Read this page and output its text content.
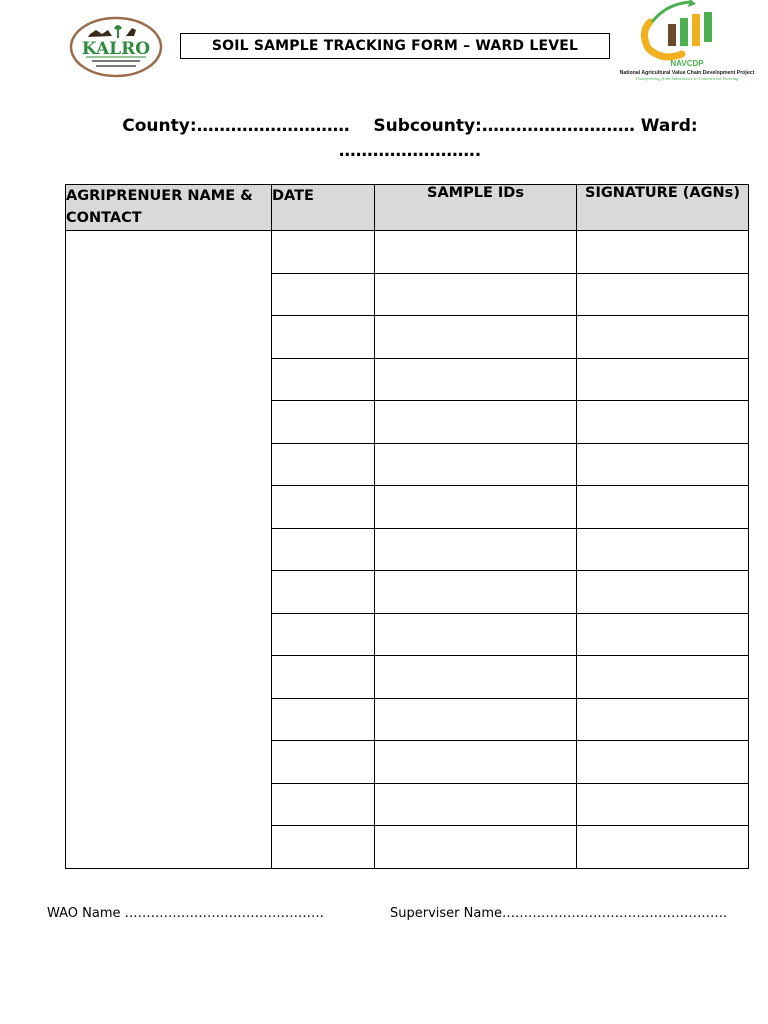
KALRO	SOIL SAMPLE TRACKING FORM – WARD LEVEL
NAVCDP
National Agricultural Value Chain Development Project
Transforming from Subsistence to Commercial Farming
County:……………………… Subcounty:……………………… Ward:
…………………….
AGRIPRENUER NAME & CONTACT	DATE	SAMPLE IDs	SIGNATURE (AGNs)

WAO Name ……………………………………….	Superviser Name…………………………………………….
